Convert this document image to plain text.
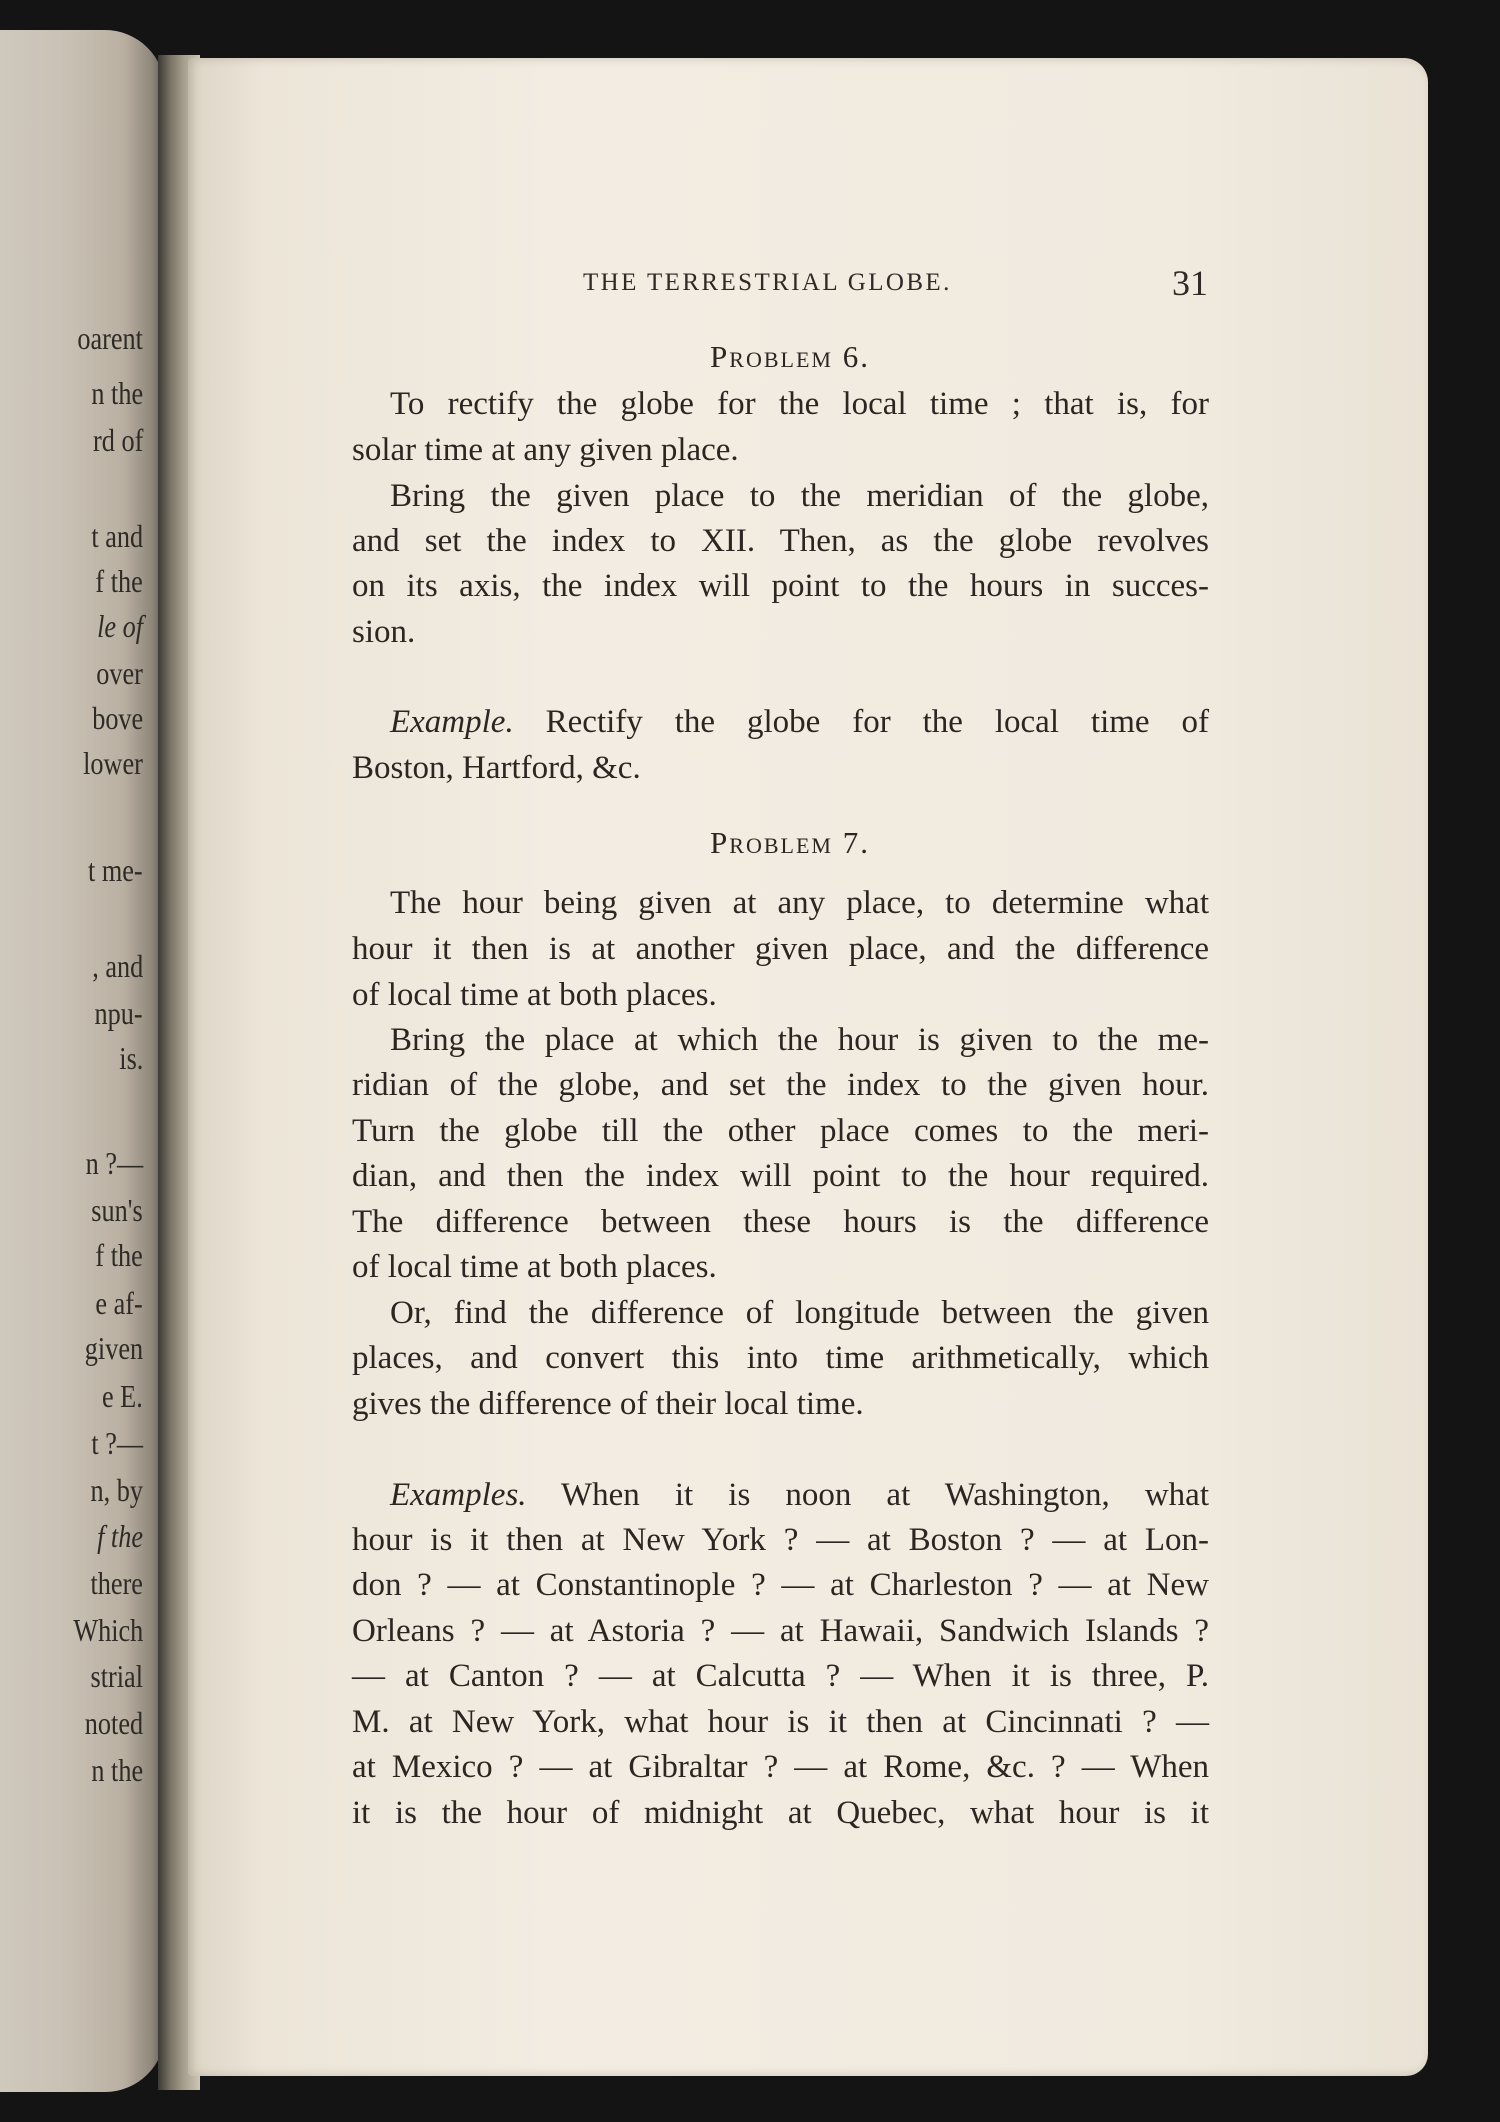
oarent
n the
rd of
t and
f the
le of
over
bove
lower
t me-
, and
npu-
is.
n ?—
sun's
f the
e af-
given
e E.
t ?—
n, by
f the
there
Which
strial
noted
n the
THE TERRESTRIAL GLOBE.	31
Problem 6.
To rectify the globe for the local time ; that is, for
solar time at any given place.
Bring the given place to the meridian of the globe,
and set the index to XII. Then, as the globe revolves
on its axis, the index will point to the hours in succes-
sion.
Example. Rectify the globe for the local time of
Boston, Hartford, &c.
Problem 7.
The hour being given at any place, to determine what
hour it then is at another given place, and the difference
of local time at both places.
Bring the place at which the hour is given to the me-
ridian of the globe, and set the index to the given hour.
Turn the globe till the other place comes to the meri-
dian, and then the index will point to the hour required.
The difference between these hours is the difference
of local time at both places.
Or, find the difference of longitude between the given
places, and convert this into time arithmetically, which
gives the difference of their local time.
Examples. When it is noon at Washington, what
hour is it then at New York ? — at Boston ? — at Lon-
don ? — at Constantinople ? — at Charleston ? — at New
Orleans ? — at Astoria ? — at Hawaii, Sandwich Islands ?
— at Canton ? — at Calcutta ? — When it is three, P.
M. at New York, what hour is it then at Cincinnati ? —
at Mexico ? — at Gibraltar ? — at Rome, &c. ? — When
it is the hour of midnight at Quebec, what hour is it
